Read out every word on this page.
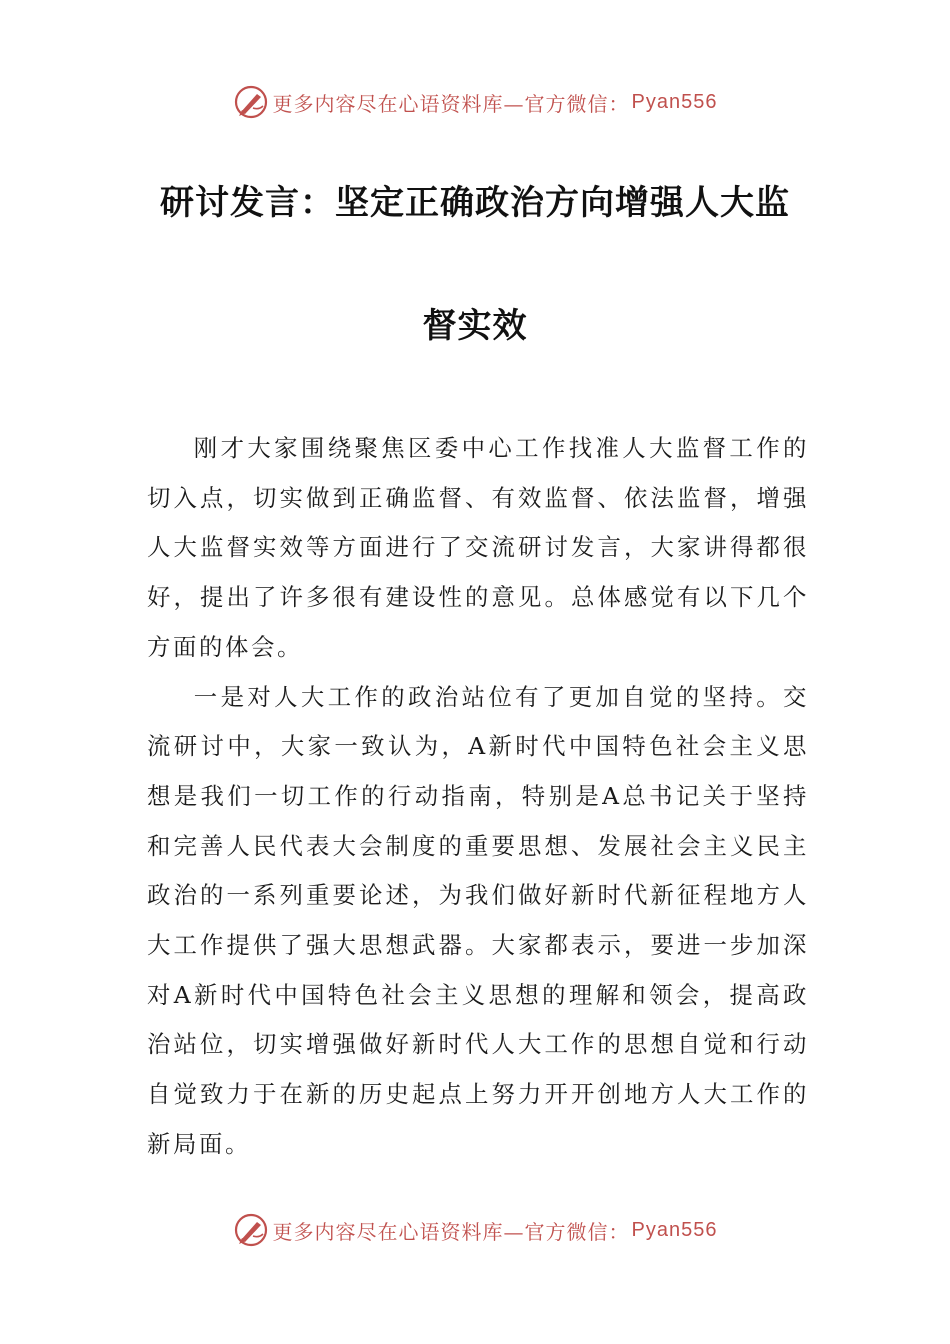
更多内容尽在心语资料库—官方微信： Pyan556
研讨发言：坚定正确政治方向增强人大监
督实效

刚才大家围绕聚焦区委中心工作找准人大监督工作的切入点，切实做到正确监督、有效监督、依法监督，增强人大监督实效等方面进行了交流研讨发言，大家讲得都很好，提出了许多很有建设性的意见。总体感觉有以下几个方面的体会。

一是对人大工作的政治站位有了更加自觉的坚持。交流研讨中，大家一致认为，A新时代中国特色社会主义思想是我们一切工作的行动指南，特别是A总书记关于坚持和完善人民代表大会制度的重要思想、发展社会主义民主政治的一系列重要论述，为我们做好新时代新征程地方人大工作提供了强大思想武器。大家都表示，要进一步加深对A新时代中国特色社会主义思想的理解和领会，提高政治站位，切实增强做好新时代人大工作的思想自觉和行动自觉致力于在新的历史起点上努力开开创地方人大工作的新局面。

更多内容尽在心语资料库—官方微信： Pyan556
